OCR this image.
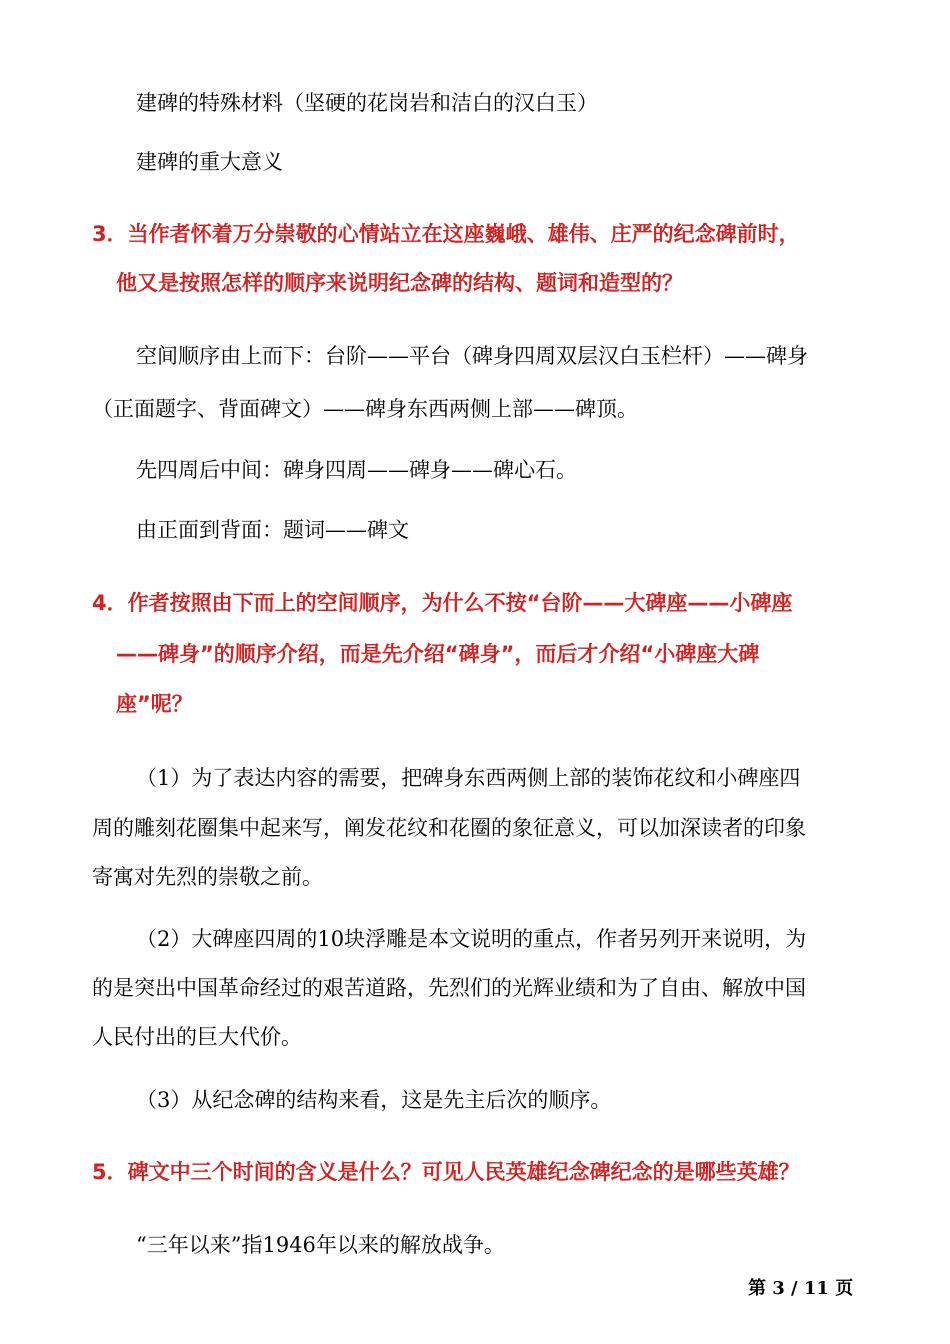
建碑的特殊材料（坚硬的花岗岩和洁白的汉白玉）
建碑的重大意义
3．当作者怀着万分崇敬的心情站立在这座巍峨、雄伟、庄严的纪念碑前时，
他又是按照怎样的顺序来说明纪念碑的结构、题词和造型的？
空间顺序由上而下：台阶——平台（碑身四周双层汉白玉栏杆）——碑身
（正面题字、背面碑文）——碑身东西两侧上部——碑顶。
先四周后中间：碑身四周——碑身——碑心石。
由正面到背面：题词——碑文
4．作者按照由下而上的空间顺序，为什么不按“台阶——大碑座——小碑座
——碑身”的顺序介绍，而是先介绍“碑身”，而后才介绍“小碑座大碑
座”呢？
（1）为了表达内容的需要，把碑身东西两侧上部的装饰花纹和小碑座四
周的雕刻花圈集中起来写，阐发花纹和花圈的象征意义，可以加深读者的印象
寄寓对先烈的崇敬之前。
（2）大碑座四周的10块浮雕是本文说明的重点，作者另列开来说明，为
的是突出中国革命经过的艰苦道路，先烈们的光辉业绩和为了自由、解放中国
人民付出的巨大代价。
（3）从纪念碑的结构来看，这是先主后次的顺序。
5．碑文中三个时间的含义是什么？可见人民英雄纪念碑纪念的是哪些英雄？
“三年以来”指1946年以来的解放战争。
第 3 / 11 页
